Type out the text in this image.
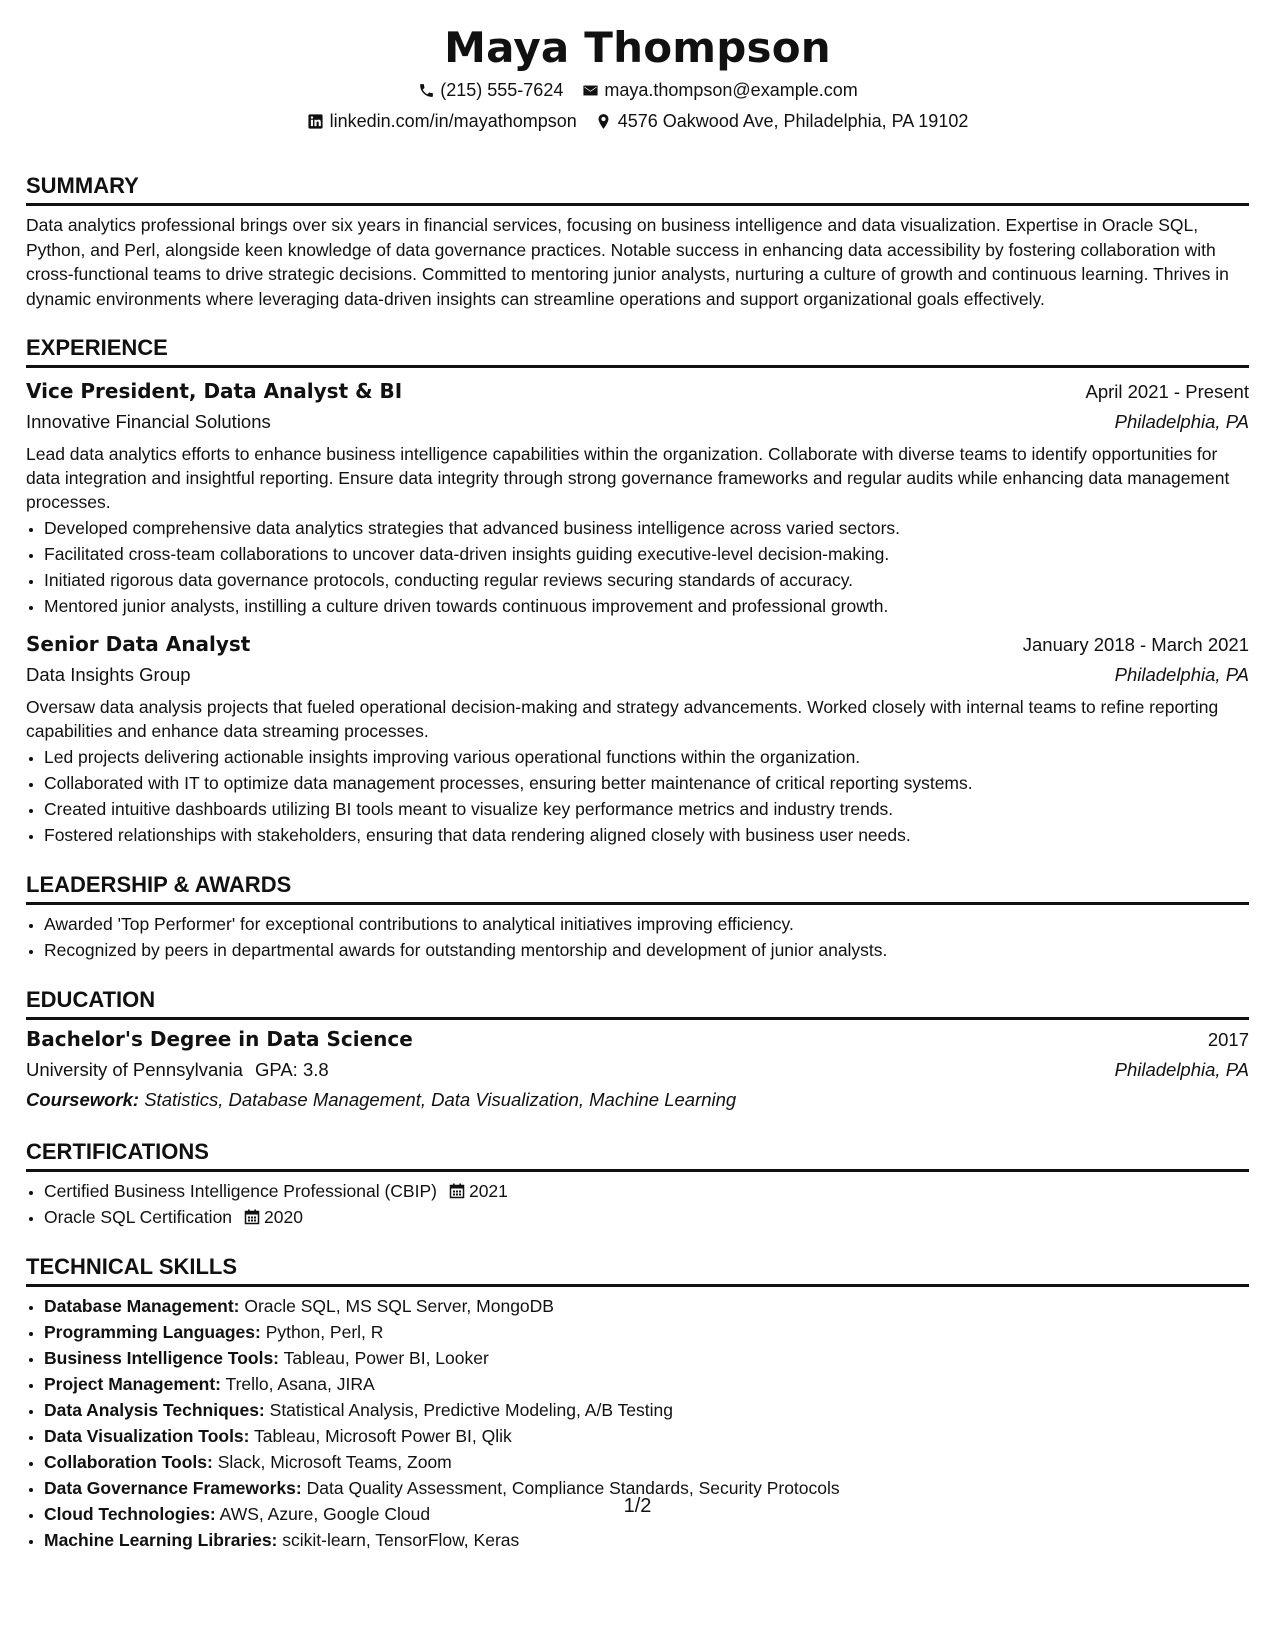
Maya Thompson
(215) 555-7624 maya.thompson@example.com
linkedin.com/in/mayathompson 4576 Oakwood Ave, Philadelphia, PA 19102
SUMMARY

Data analytics professional brings over six years in financial services, focusing on business intelligence and data visualization. Expertise in Oracle SQL, Python, and Perl, alongside keen knowledge of data governance practices. Notable success in enhancing data accessibility by fostering collaboration with cross-functional teams to drive strategic decisions. Committed to mentoring junior analysts, nurturing a culture of growth and continuous learning. Thrives in dynamic environments where leveraging data-driven insights can streamline operations and support organizational goals effectively.

EXPERIENCE
Vice President, Data Analyst & BI	April 2021 - Present
Innovative Financial Solutions	Philadelphia, PA

Lead data analytics efforts to enhance business intelligence capabilities within the organization. Collaborate with diverse teams to identify opportunities for data integration and insightful reporting. Ensure data integrity through strong governance frameworks and regular audits while enhancing data management processes.

• Developed comprehensive data analytics strategies that advanced business intelligence across varied sectors.
• Facilitated cross-team collaborations to uncover data-driven insights guiding executive-level decision-making.
• Initiated rigorous data governance protocols, conducting regular reviews securing standards of accuracy.
• Mentored junior analysts, instilling a culture driven towards continuous improvement and professional growth.
Senior Data Analyst	January 2018 - March 2021
Data Insights Group	Philadelphia, PA

Oversaw data analysis projects that fueled operational decision-making and strategy advancements. Worked closely with internal teams to refine reporting capabilities and enhance data streaming processes.

• Led projects delivering actionable insights improving various operational functions within the organization.
• Collaborated with IT to optimize data management processes, ensuring better maintenance of critical reporting systems.
• Created intuitive dashboards utilizing BI tools meant to visualize key performance metrics and industry trends.
• Fostered relationships with stakeholders, ensuring that data rendering aligned closely with business user needs.
LEADERSHIP & AWARDS
• Awarded 'Top Performer' for exceptional contributions to analytical initiatives improving efficiency.
• Recognized by peers in departmental awards for outstanding mentorship and development of junior analysts.
EDUCATION
Bachelor's Degree in Data Science	2017
University of Pennsylvania GPA: 3.8	Philadelphia, PA
Coursework: Statistics, Database Management, Data Visualization, Machine Learning
CERTIFICATIONS
• Certified Business Intelligence Professional (CBIP) 2021
• Oracle SQL Certification 2020
TECHNICAL SKILLS
• Database Management: Oracle SQL, MS SQL Server, MongoDB
• Programming Languages: Python, Perl, R
• Business Intelligence Tools: Tableau, Power BI, Looker
• Project Management: Trello, Asana, JIRA
• Data Analysis Techniques: Statistical Analysis, Predictive Modeling, A/B Testing
• Data Visualization Tools: Tableau, Microsoft Power BI, Qlik
• Collaboration Tools: Slack, Microsoft Teams, Zoom
• Data Governance Frameworks: Data Quality Assessment, Compliance Standards, Security Protocols
• Cloud Technologies: AWS, Azure, Google Cloud
• Machine Learning Libraries: scikit-learn, TensorFlow, Keras
1/2
